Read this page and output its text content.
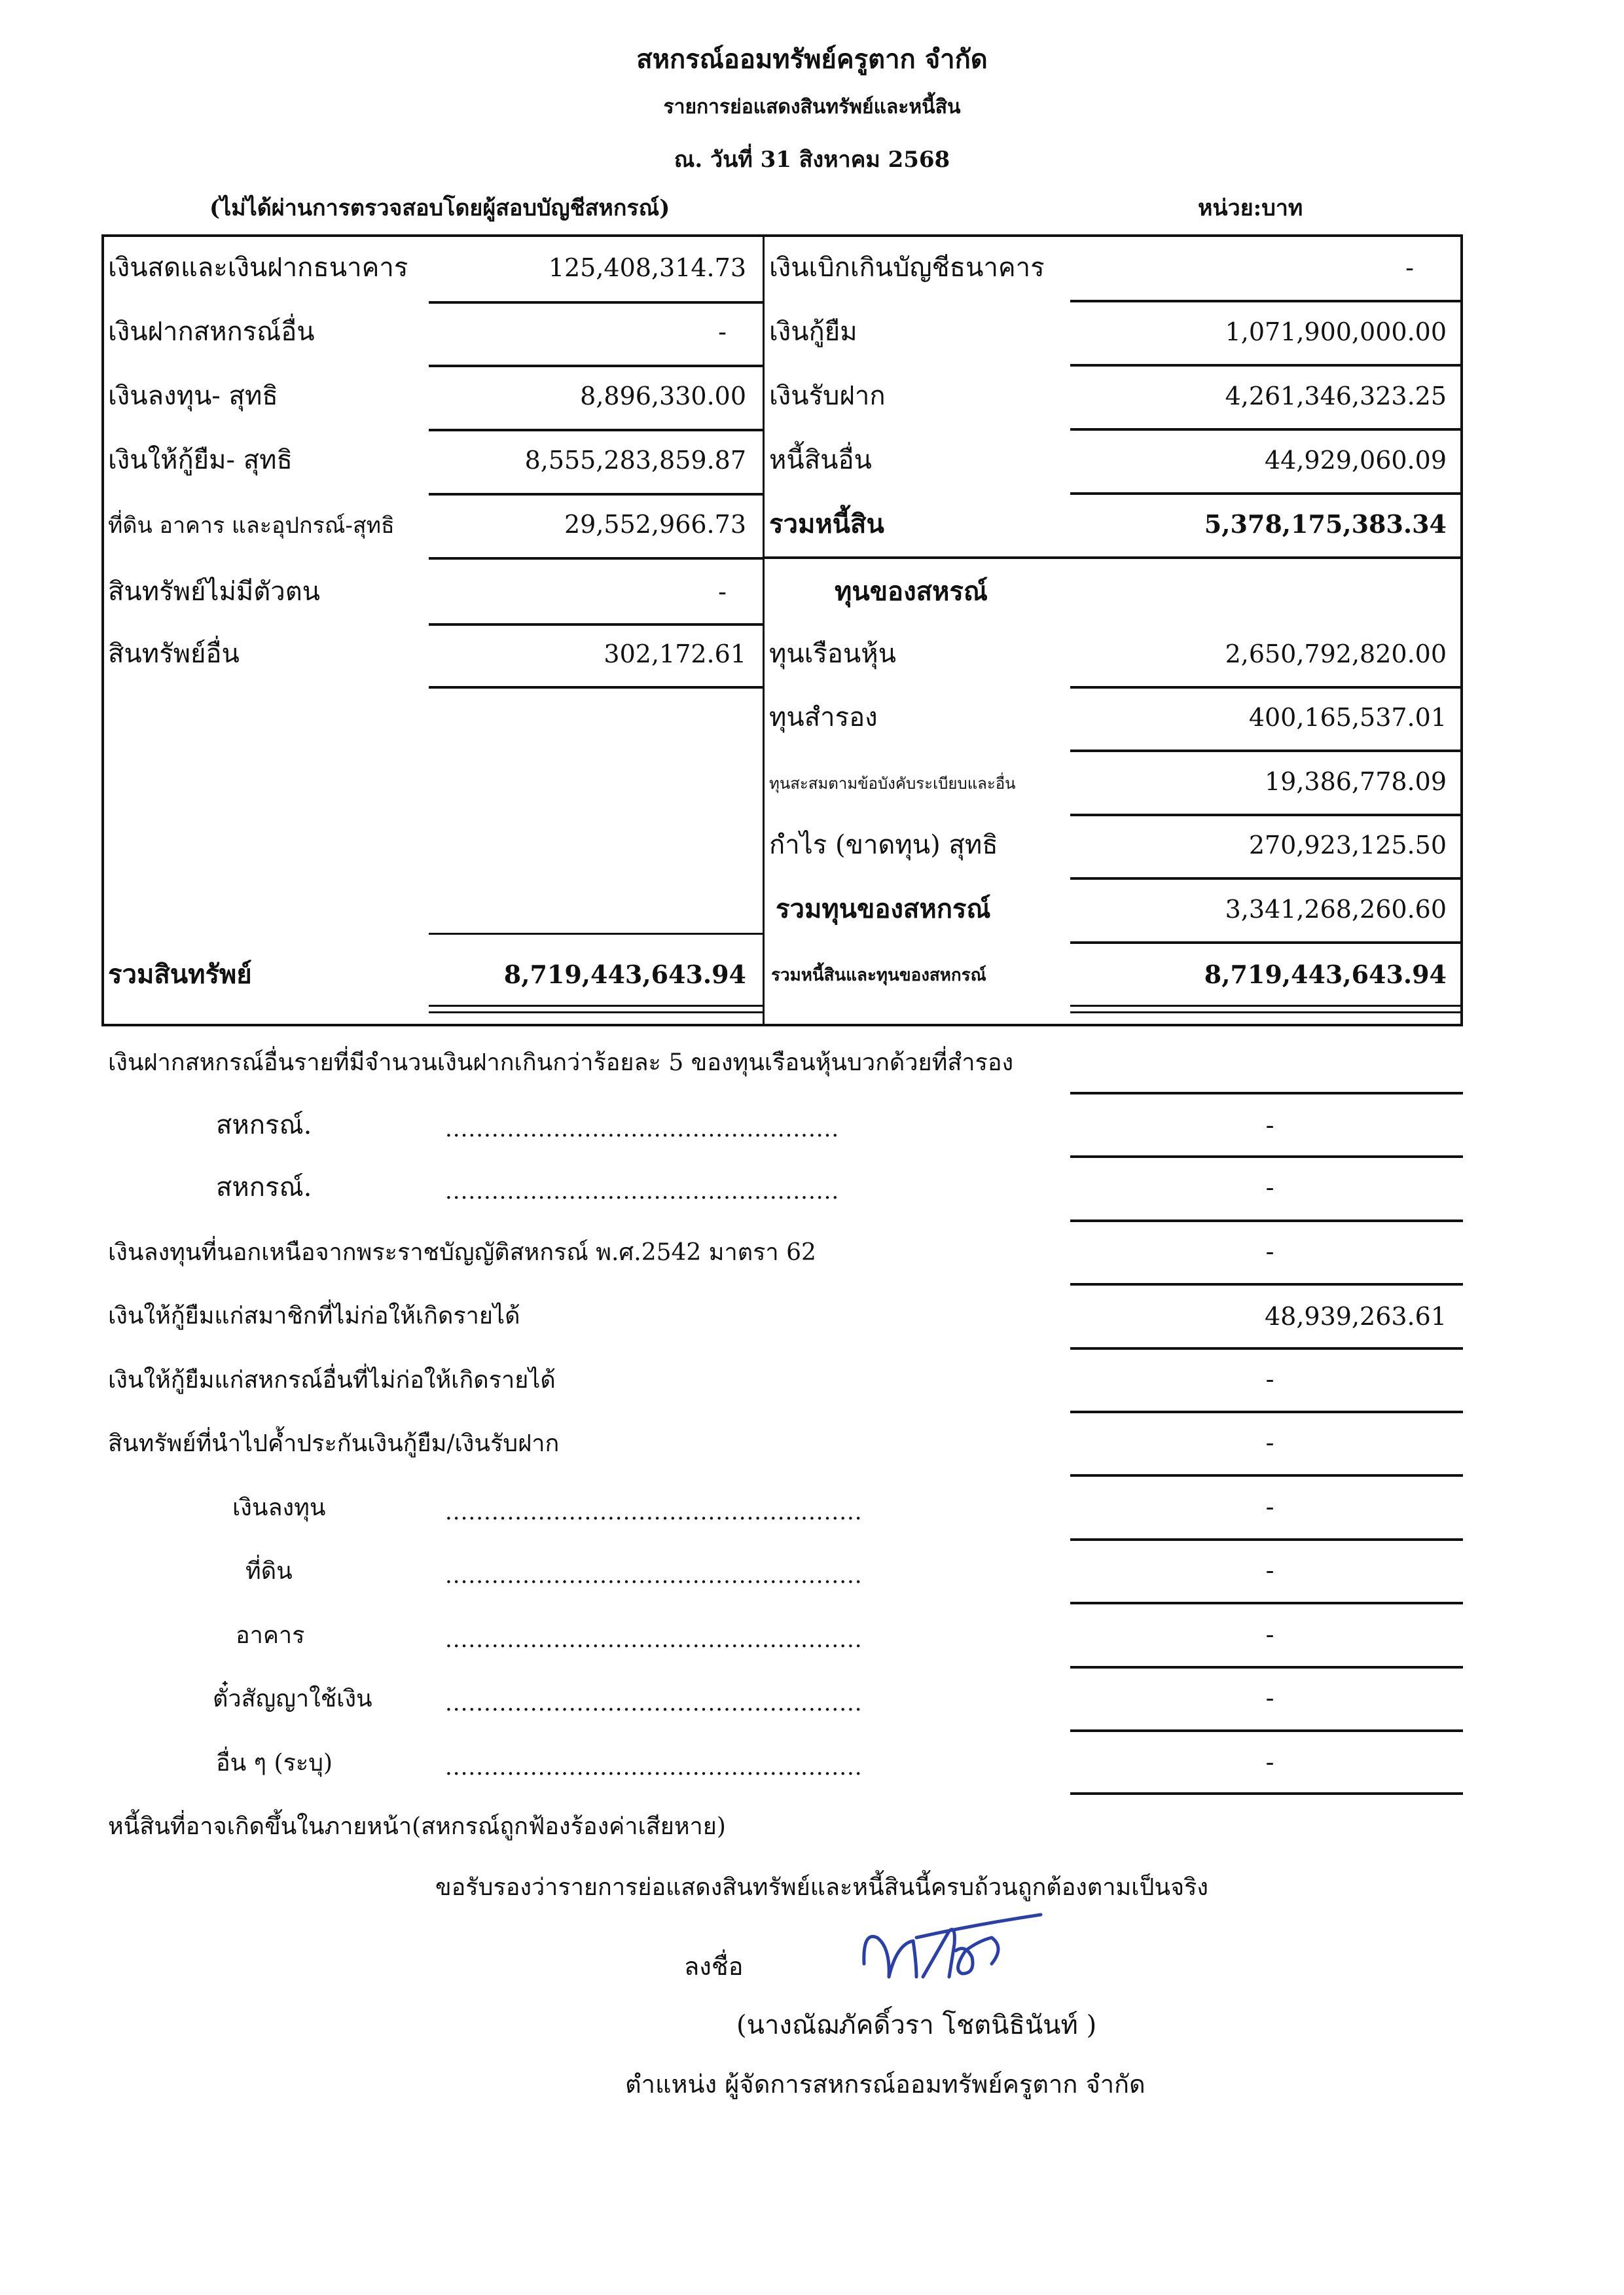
สหกรณ์ออมทรัพย์ครูตาก จำกัด
รายการย่อแสดงสินทรัพย์และหนี้สิน
ณ. วันที่ 31 สิงหาคม 2568
(ไม่ได้ผ่านการตรวจสอบโดยผู้สอบบัญชีสหกรณ์)	หน่วย:บาท
เงินสดและเงินฝากธนาคาร	125,408,314.73
เงินฝากสหกรณ์อื่น	-
เงินลงทุน- สุทธิ	8,896,330.00
เงินให้กู้ยืม- สุทธิ	8,555,283,859.87
ที่ดิน อาคาร และอุปกรณ์-สุทธิ	29,552,966.73
สินทรัพย์ไม่มีตัวตน	-
สินทรัพย์อื่น	302,172.61
รวมสินทรัพย์	8,719,443,643.94
เงินเบิกเกินบัญชีธนาคาร	-
เงินกู้ยืม	1,071,900,000.00
เงินรับฝาก	4,261,346,323.25
หนี้สินอื่น	44,929,060.09
รวมหนี้สิน	5,378,175,383.34
ทุนของสหรณ์
ทุนเรือนหุ้น	2,650,792,820.00
ทุนสำรอง	400,165,537.01
ทุนสะสมตามข้อบังคับระเบียบและอื่น	19,386,778.09
กำไร (ขาดทุน) สุทธิ	270,923,125.50
รวมทุนของสหกรณ์	3,341,268,260.60
รวมหนี้สินและทุนของสหกรณ์	8,719,443,643.94
เงินฝากสหกรณ์อื่นรายที่มีจำนวนเงินฝากเกินกว่าร้อยละ 5 ของทุนเรือนหุ้นบวกด้วยที่สำรอง
สหกรณ์.	...................................................	-
สหกรณ์.	...................................................	-
เงินลงทุนที่นอกเหนือจากพระราชบัญญัติสหกรณ์ พ.ศ.2542 มาตรา 62	-
เงินให้กู้ยืมแก่สมาชิกที่ไม่ก่อให้เกิดรายได้	48,939,263.61
เงินให้กู้ยืมแก่สหกรณ์อื่นที่ไม่ก่อให้เกิดรายได้	-
สินทรัพย์ที่นำไปค้ำประกันเงินกู้ยืม/เงินรับฝาก	-
เงินลงทุน	......................................................	-
ที่ดิน	......................................................	-
อาคาร	......................................................	-
ตั๋วสัญญาใช้เงิน	......................................................	-
อื่น ๆ (ระบุ)	......................................................	-
หนี้สินที่อาจเกิดขึ้นในภายหน้า(สหกรณ์ถูกฟ้องร้องค่าเสียหาย)
ขอรับรองว่ารายการย่อแสดงสินทรัพย์และหนี้สินนี้ครบถ้วนถูกต้องตามเป็นจริง
ลงชื่อ
(นางณัฌภัคดิ์วรา โชตนิธินันท์ )
ตำแหน่ง ผู้จัดการสหกรณ์ออมทรัพย์ครูตาก จำกัด
